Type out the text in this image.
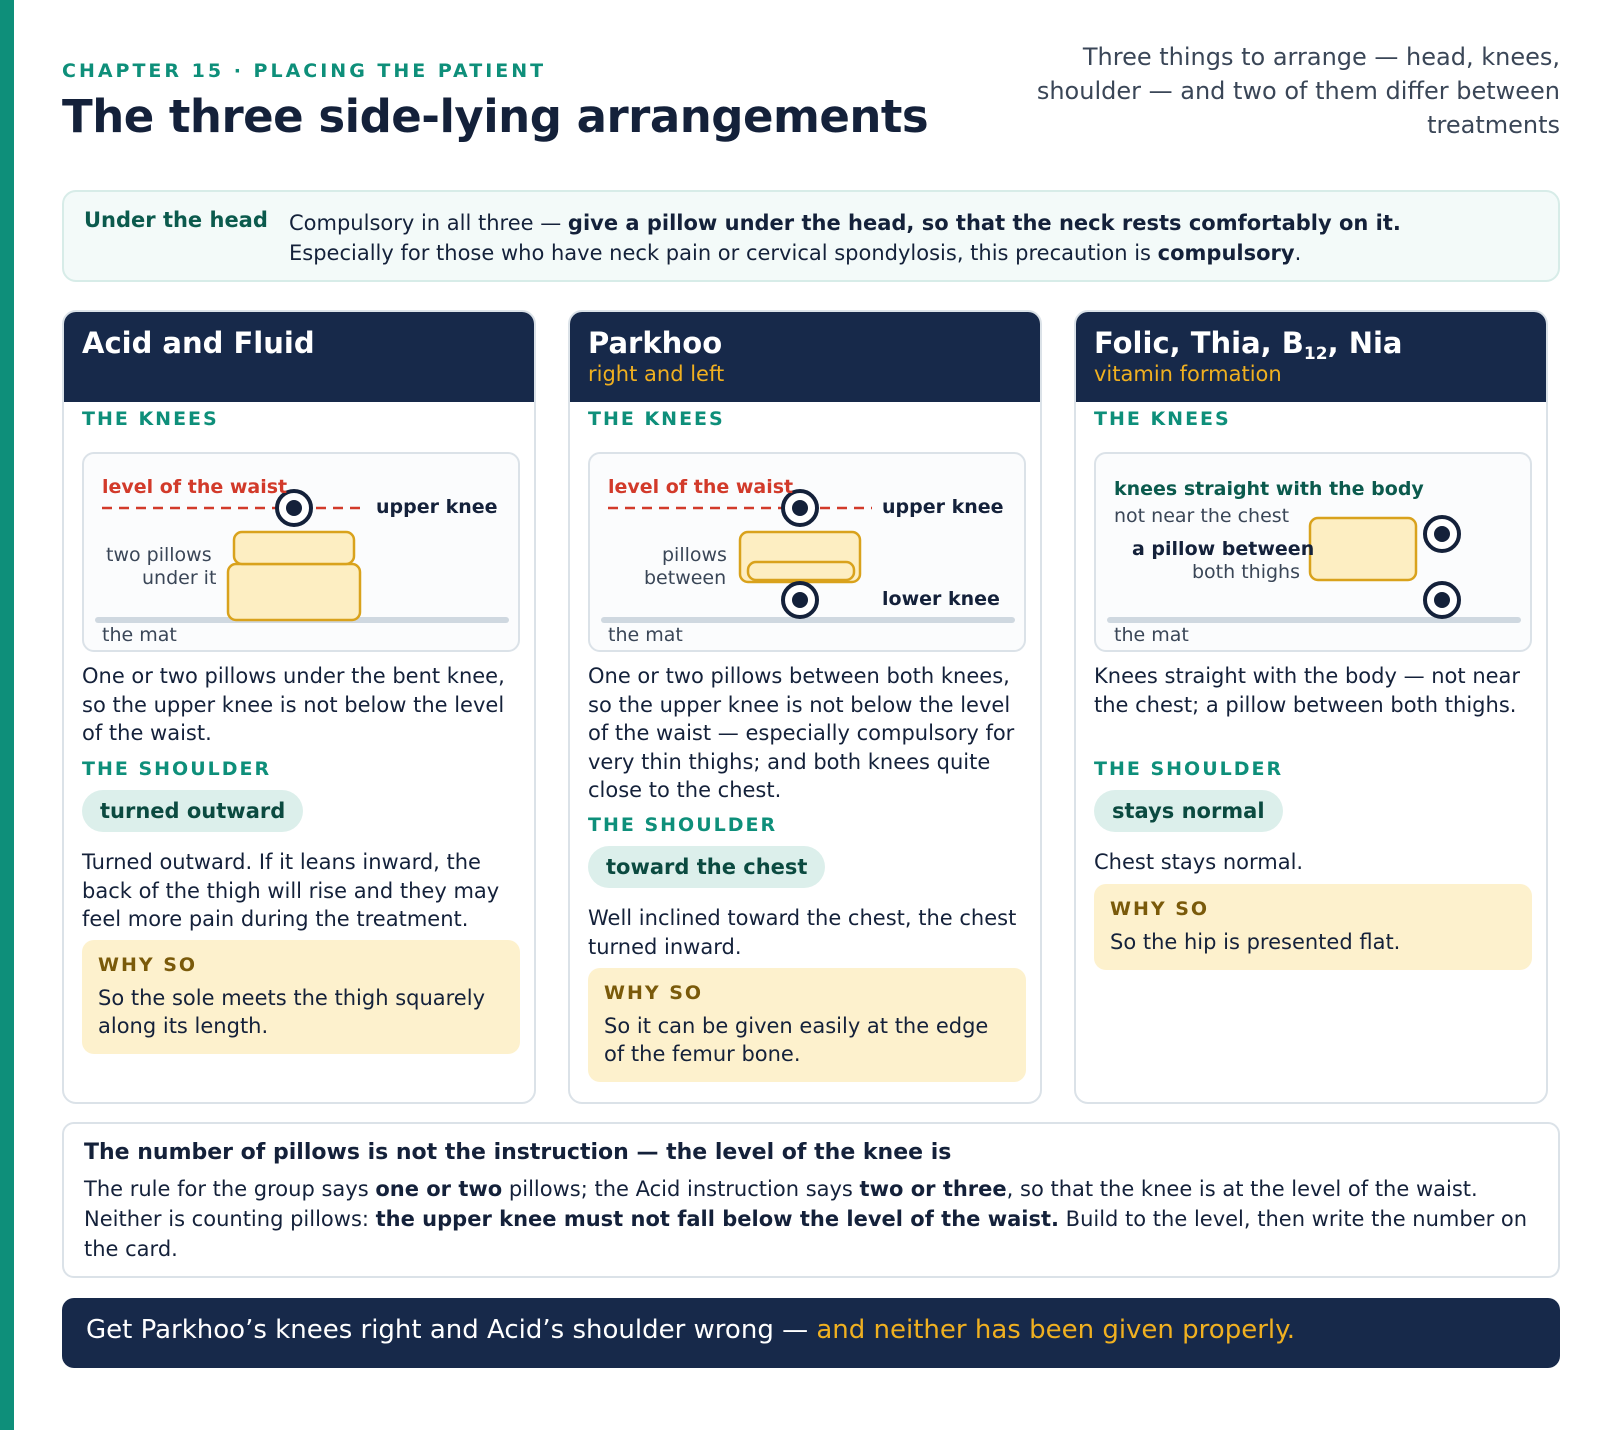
CHAPTER 15 · PLACING THE PATIENT
The three side-lying arrangements
Three things to arrange — head, knees, shoulder — and two of them differ between treatments
Under the head Compulsory in all three — give a pillow under the head, so that the neck rests comfortably on it.
Especially for those who have neck pain or cervical spondylosis, this precaution is compulsory.
Acid and Fluid
THE KNEES
level of the waist
upper knee
two pillows
under it
the mat
One or two pillows under the bent knee, so the upper knee is not below the level of the waist.
THE SHOULDER
turned outward
Turned outward. If it leans inward, the back of the thigh will rise and they may feel more pain during the treatment.
WHY SO
So the sole meets the thigh squarely along its length.
Parkhoo
right and left
THE KNEES
level of the waist
upper knee
pillows
between
lower knee
the mat
One or two pillows between both knees, so the upper knee is not below the level of the waist — especially compulsory for very thin thighs; and both knees quite close to the chest.
THE SHOULDER
toward the chest
Well inclined toward the chest, the chest turned inward.
WHY SO
So it can be given easily at the edge of the femur bone.
Folic, Thia, $B_{12}$, Nia
vitamin formation
THE KNEES
knees straight with the body
not near the chest
a pillow between
both thighs
the mat
Knees straight with the body — not near the chest; a pillow between both thighs.
THE SHOULDER
stays normal
Chest stays normal.
WHY SO
So the hip is presented flat.
The number of pillows is not the instruction — the level of the knee is
The rule for the group says one or two pillows; the Acid instruction says two or three, so that the knee is at the level of the waist. Neither is counting pillows: the upper knee must not fall below the level of the waist. Build to the level, then write the number on the card.
Get Parkhoo’s knees right and Acid’s shoulder wrong — and neither has been given properly.
